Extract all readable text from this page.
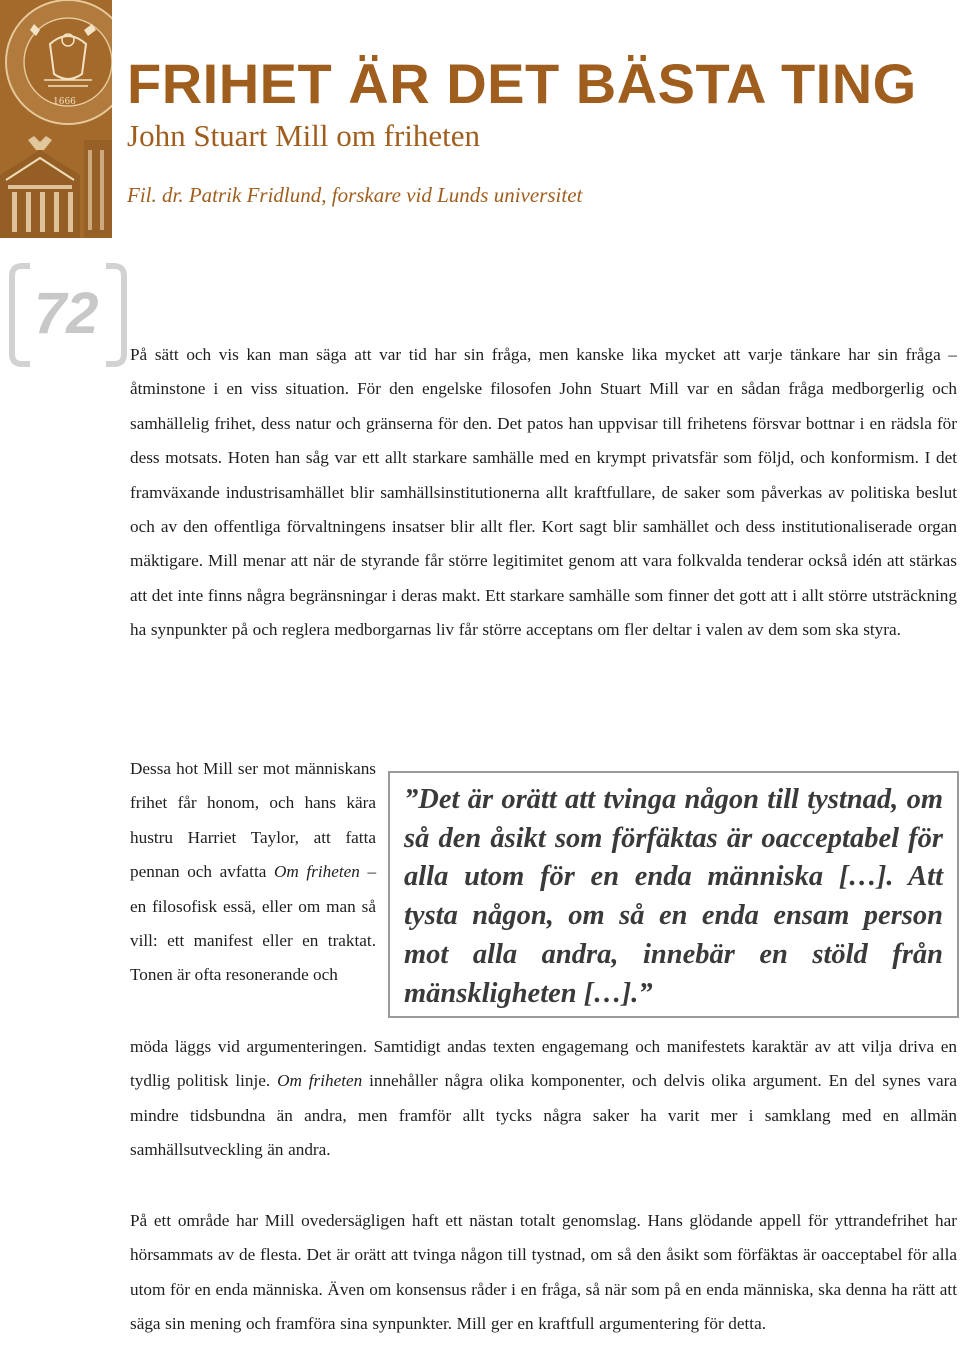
1666 FRIHET ÄR DET BÄSTA TING
John Stuart Mill om friheten
Fil. dr. Patrik Fridlund, forskare vid Lunds universitet
72

På sätt och vis kan man säga att var tid har sin fråga, men kanske lika mycket att varje tänkare har sin fråga – åtminstone i en viss situation. För den engelske filosofen John Stuart Mill var en sådan fråga medborgerlig och samhällelig frihet, dess natur och gränserna för den. Det patos han uppvisar till frihetens försvar bottnar i en rädsla för dess motsats. Hoten han såg var ett allt starkare samhälle med en krympt privatsfär som följd, och konformism. I det framväxande industrisamhället blir samhällsinstitutionerna allt kraftfullare, de saker som påverkas av politiska beslut och av den offentliga förvaltningens insatser blir allt fler. Kort sagt blir samhället och dess institutionaliserade organ mäktigare. Mill menar att när de styrande får större legitimitet genom att vara folkvalda tenderar också idén att stärkas att det inte finns några begränsningar i deras makt. Ett starkare samhälle som finner det gott att i allt större utsträckning ha synpunkter på och reglera medborgarnas liv får större acceptans om fler deltar i valen av dem som ska styra.

Dessa hot Mill ser mot människans frihet får honom, och hans kära hustru Harriet Taylor, att fatta pennan och avfatta Om friheten – en filosofisk essä, eller om man så vill: ett manifest eller en traktat. Tonen är ofta resonerande och

”Det är orätt att tvinga någon till tystnad, om så den åsikt som förfäktas är oacceptabel för alla utom för en enda människa […]. Att tysta någon, om så en enda ensam person mot alla andra, innebär en stöld från mänskligheten […].”

möda läggs vid argumenteringen. Samtidigt andas texten engagemang och manifestets karaktär av att vilja driva en tydlig politisk linje. Om friheten innehåller några olika komponenter, och delvis olika argument. En del synes vara mindre tidsbundna än andra, men framför allt tycks några saker ha varit mer i samklang med en allmän samhällsutveckling än andra.

På ett område har Mill ovedersägligen haft ett nästan totalt genomslag. Hans glödande appell för yttrandefrihet har hörsammats av de flesta. Det är orätt att tvinga någon till tystnad, om så den åsikt som förfäktas är oacceptabel för alla utom för en enda människa. Även om konsensus råder i en fråga, så när som på en enda människa, ska denna ha rätt att säga sin mening och framföra sina synpunkter. Mill ger en kraftfull argumentering för detta.
